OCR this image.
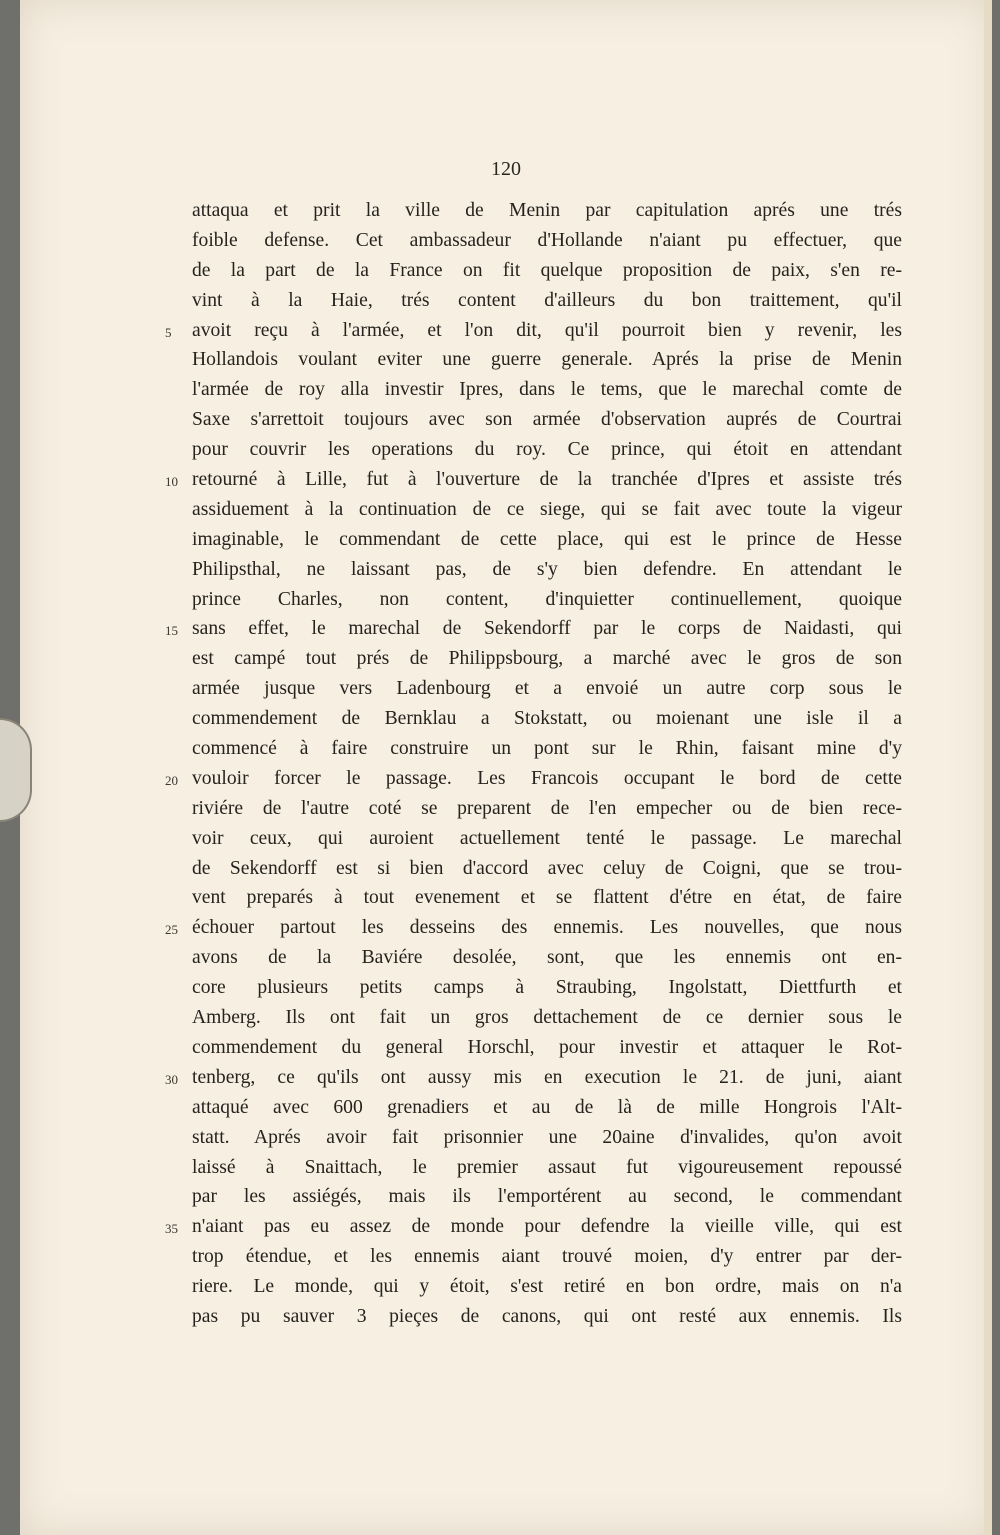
120
attaqua et prit la ville de Menin par capitulation aprés une trés
foible defense. Cet ambassadeur d'Hollande n'aiant pu effectuer, que
de la part de la France on fit quelque proposition de paix, s'en re-
vint à la Haie, trés content d'ailleurs du bon traittement, qu'il
5 avoit reçu à l'armée, et l'on dit, qu'il pourroit bien y revenir, les
Hollandois voulant eviter une guerre generale. Aprés la prise de Menin
l'armée de roy alla investir Ipres, dans le tems, que le marechal comte de
Saxe s'arrettoit toujours avec son armée d'observation auprés de Courtrai
pour couvrir les operations du roy. Ce prince, qui étoit en attendant
10 retourné à Lille, fut à l'ouverture de la tranchée d'Ipres et assiste trés
assiduement à la continuation de ce siege, qui se fait avec toute la vigeur
imaginable, le commendant de cette place, qui est le prince de Hesse
Philipsthal, ne laissant pas, de s'y bien defendre. En attendant le
prince Charles, non content, d'inquietter continuellement, quoique
15 sans effet, le marechal de Sekendorff par le corps de Naidasti, qui
est campé tout prés de Philippsbourg, a marché avec le gros de son
armée jusque vers Ladenbourg et a envoié un autre corp sous le
commendement de Bernklau a Stokstatt, ou moienant une isle il a
commencé à faire construire un pont sur le Rhin, faisant mine d'y
20 vouloir forcer le passage. Les Francois occupant le bord de cette
riviére de l'autre coté se preparent de l'en empecher ou de bien rece-
voir ceux, qui auroient actuellement tenté le passage. Le marechal
de Sekendorff est si bien d'accord avec celuy de Coigni, que se trou-
vent preparés à tout evenement et se flattent d'étre en état, de faire
25 échouer partout les desseins des ennemis. Les nouvelles, que nous
avons de la Baviére desolée, sont, que les ennemis ont en-
core plusieurs petits camps à Straubing, Ingolstatt, Diettfurth et
Amberg. Ils ont fait un gros dettachement de ce dernier sous le
commendement du general Horschl, pour investir et attaquer le Rot-
30 tenberg, ce qu'ils ont aussy mis en execution le 21. de juni, aiant
attaqué avec 600 grenadiers et au de là de mille Hongrois l'Alt-
statt. Aprés avoir fait prisonnier une 20aine d'invalides, qu'on avoit
laissé à Snaittach, le premier assaut fut vigoureusement repoussé
par les assiégés, mais ils l'emportérent au second, le commendant
35 n'aiant pas eu assez de monde pour defendre la vieille ville, qui est
trop étendue, et les ennemis aiant trouvé moien, d'y entrer par der-
riere. Le monde, qui y étoit, s'est retiré en bon ordre, mais on n'a
pas pu sauver 3 pieçes de canons, qui ont resté aux ennemis. Ils
